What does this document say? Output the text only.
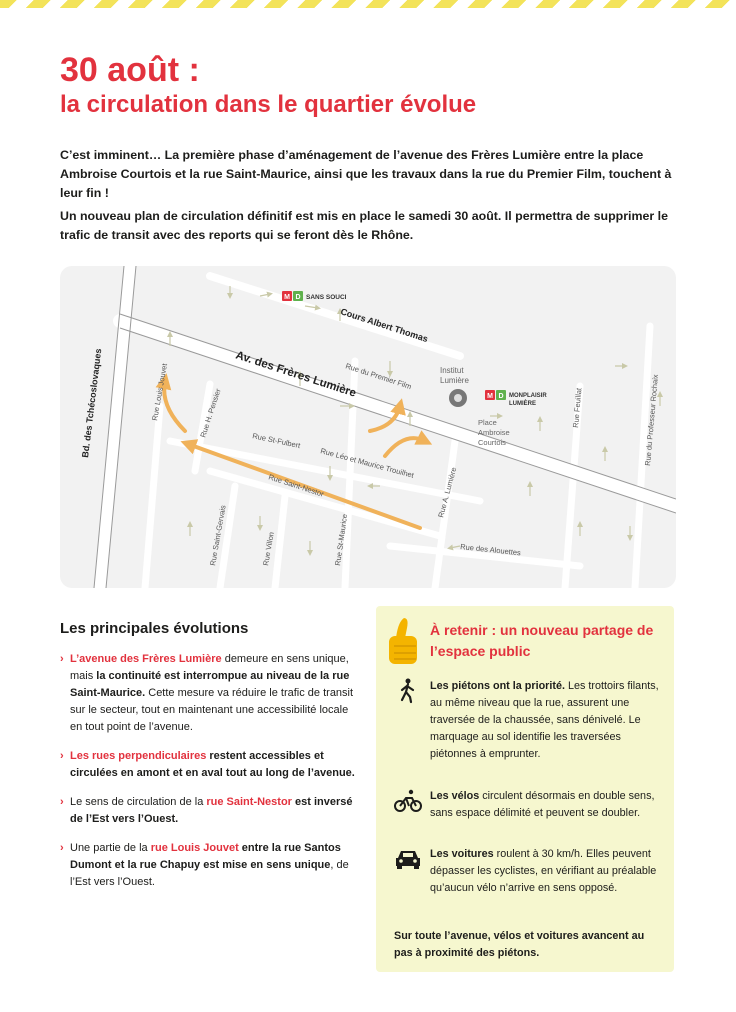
30 août :
la circulation dans le quartier évolue

C’est imminent… La première phase d’aménagement de l’avenue des Frères Lumière entre la place Ambroise Courtois et la rue Saint-Maurice, ainsi que les travaux dans la rue du Premier Film, touchent à leur fin !

Un nouveau plan de circulation définitif est mis en place le samedi 30 août. Il permettra de supprimer le trafic de transit avec des reports qui se feront dès le Rhône.

M D SANS SOUCI
M D MONPLAISIR
LUMIÈRE
Institut
Lumière
Place
Ambroise
Courtois
Cours Albert Thomas
Av. des Frères Lumière
Bd. des Tchécoslovaques	Rue Louis Jouvet	Rue H. Pensier
Rue du Premier Film
Rue St-Fulbert
Rue Léo et Maurice Trouilhet
Rue Saint-Nestor	Rue A. Lumière
Rue Feuillat	Rue du Professeur Rochaix
Rue Saint-Gervais	Rue Villon	Rue St-Maurice	Rue des Alouettes
Les principales évolutions
› L’avenue des Frères Lumière demeure en sens unique, mais la continuité est interrompue au niveau de la rue Saint-Maurice. Cette mesure va réduire le trafic de transit sur le secteur, tout en maintenant une accessibilité locale en tout point de l’avenue.
› Les rues perpendiculaires restent accessibles et circulées en amont et en aval tout au long de l’avenue.
› Le sens de circulation de la rue Saint-Nestor est inversé de l’Est vers l’Ouest.
› Une partie de la rue Louis Jouvet entre la rue Santos Dumont et la rue Chapuy est mise en sens unique, de l’Est vers l’Ouest.
À retenir : un nouveau partage de l’espace public
Les piétons ont la priorité. Les trottoirs filants, au même niveau que la rue, assurent une traversée de la chaussée, sans dénivelé. Le marquage au sol identifie les traversées piétonnes à emprunter.
Les vélos circulent désormais en double sens, sans espace délimité et peuvent se doubler.
Les voitures roulent à 30 km/h. Elles peuvent dépasser les cyclistes, en vérifiant au préalable qu’aucun vélo n’arrive en sens opposé.
Sur toute l’avenue, vélos et voitures avancent au pas à proximité des piétons.
